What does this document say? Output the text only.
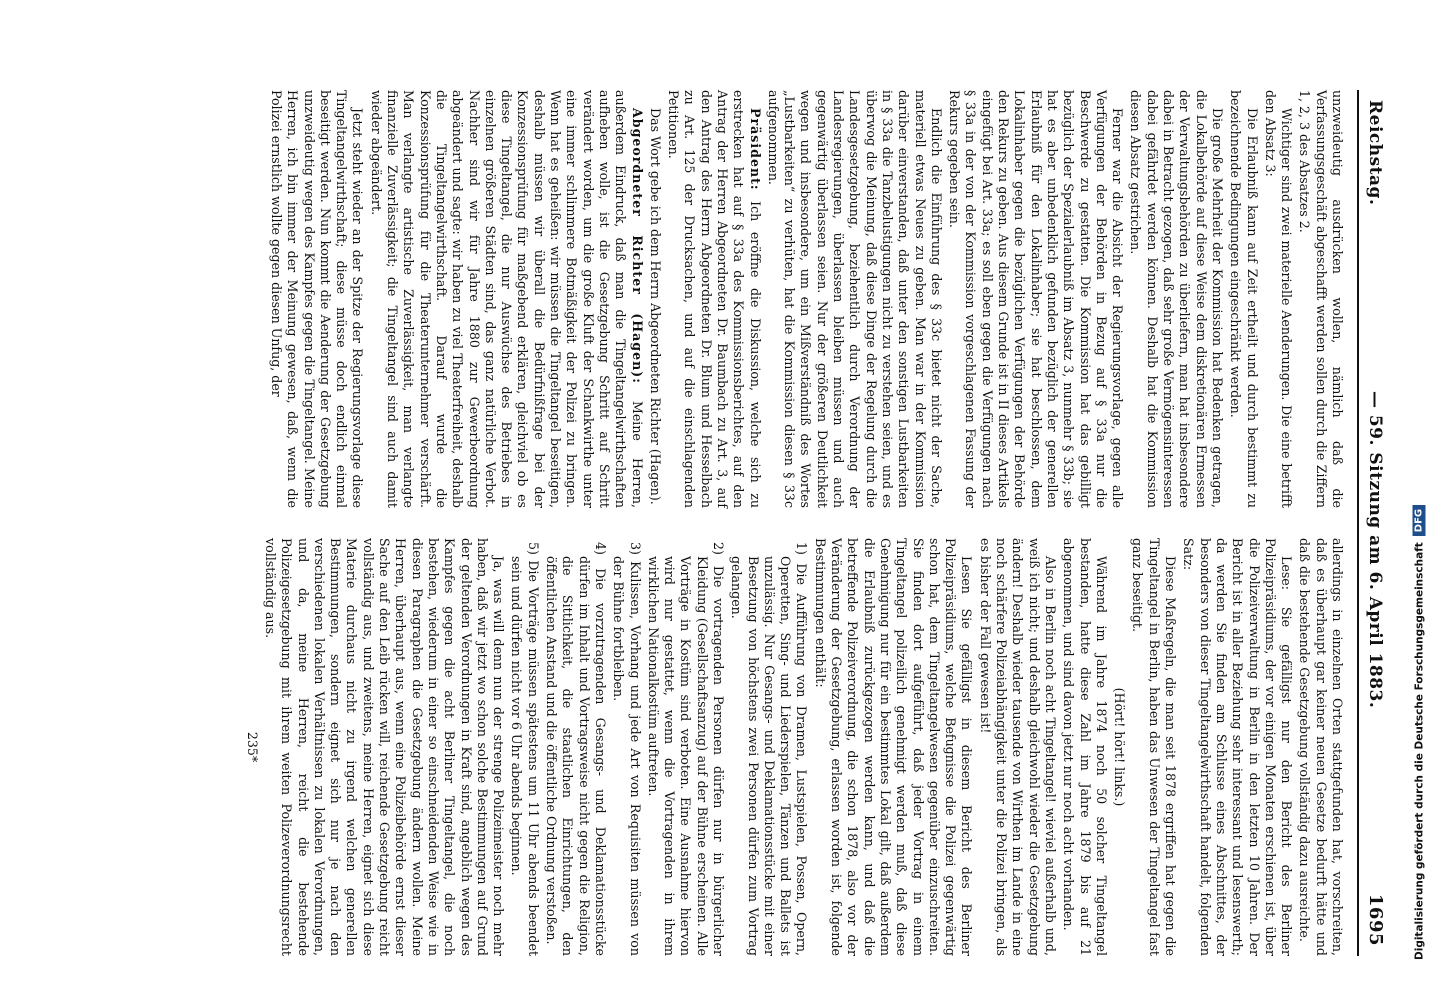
Reichstag.
— 59. Sitzung am 6. April 1883.
1695

unzweideutig ausdrücken wollen, nämlich daß die Verfassungsgeschäft abgeschafft werden sollen durch die Ziffern 1, 2, 3 des Absatzes 2.

Wichtiger sind zwei materielle Aenderungen. Die eine betrifft den Absatz 3:

Die Erlaubniß kann auf Zeit ertheilt und durch bestimmt zu bezeichnende Bedingungen eingeschränkt werden.

Die große Mehrheit der Kommission hat Bedenken getragen, die Lokalbehörde auf diese Weise dem diskretionären Ermessen der Verwaltungsbehörden zu überliefern, man hat insbesondere dabei in Betracht gezogen, daß sehr große Vermögensinteressen dabei gefährdet werden können. Deshalb hat die Kommission diesen Absatz gestrichen.

Ferner war die Absicht der Regierungsvorlage, gegen alle Verfügungen der Behörden in Bezug auf § 33a nur die Beschwerde zu gestatten. Die Kommission hat das gebilligt bezüglich der Spezialerlaubniß im Absatz 3, nunmehr § 33b; sie hat es aber unbedenklich gefunden bezüglich der generellen Erlaubniß für den Lokalinhaber; sie hat beschlossen, dem Lokalinhaber gegen die bezüglichen Verfügungen der Behörde den Rekurs zu geben. Aus diesem Grunde ist in II dieses Artikels eingefügt bei Art. 33a; es soll eben gegen die Verfügungen nach § 33a in der von der Kommission vorgeschlagenen Fassung der Rekurs gegeben sein.

Endlich die Einführung des § 33c bietet nicht der Sache, materiell etwas Neues zu geben. Man war in der Kommission darüber einverstanden, daß unter den sonstigen Lustbarkeiten in § 33a die Tanzbelustigungen nicht zu verstehen seien, und es überwog die Meinung, daß diese Dinge der Regelung durch die Landesgesetzgebung, beziehentlich durch Verordnung der Landesregierungen, überlassen bleiben müssen und auch gegenwärtig überlassen seien. Nur der größeren Deutlichkeit wegen und insbesondere, um ein Mißverständniß des Wortes „Lustbarkeiten“ zu verhüten, hat die Kommission diesen § 33c aufgenommen.

Präsident: Ich eröffne die Diskussion, welche sich zu erstrecken hat auf § 33a des Kommissionsberichtes, auf den Antrag der Herren Abgeordneten Dr. Baumbach zu Art. 3, auf den Antrag des Herrn Abgeordneten Dr. Blum und Hesselbach zu Art. 125 der Drucksachen, und auf die einschlagenden Petitionen.

Das Wort gebe ich dem Herrn Abgeordneten Richter (Hagen).

Abgeordneter Richter (Hagen): Meine Herren, außerdem Eindruck, daß man die Tingeltangelwirthschaften aufheben wolle, ist die Gesetzgebung Schritt auf Schritt verändert worden, um die große Kluft der Schankwirthe unter eine immer schlimmere Botmäßigkeit der Polizei zu bringen. Wenn hat es geheißen: wir müssen die Tingeltangel beseitigen, deshalb müssen wir überall die Bedürfnißfrage bei der Konzessionsprüfung für maßgebend erklären, gleichviel ob es diese Tingeltangel, die nur Auswüchse des Betriebes in einzelnen größeren Städten sind, das ganz natürliche Verbot. Nachher sind wir für Jahre 1880 zur Gewerbeordnung abgeändert und sagte: wir haben zu viel Theaterfreiheit, deshalb die Tingeltangelwirthschaft. Darauf wurde die Konzessionsprüfung für die Theaterunternehmer verschärft. Man verlangte artistische Zuverlässigkeit, man verlangte finanzielle Zuverlässigkeit; die Tingeltangel sind auch damit wieder abgeändert.

Jetzt steht wieder an der Spitze der Regierungsvorlage diese Tingeltangelwirthschaft; diese müsse doch endlich einmal beseitigt werden. Nun kommt die Aenderung der Gesetzgebung unzweideutig wegen des Kampfes gegen die Tingeltangel. Meine Herren, ich bin immer der Meinung gewesen, daß, wenn die Polizei ernstlich wollte gegen diesen Unfug, der

allerdings in einzelnen Orten stattgefunden hat, vorschreiten, daß es überhaupt gar keiner neuen Gesetze bedurft hätte und daß die bestehende Gesetzgebung vollständig dazu ausreichte.

Lese: Sie gefälligst nur den Bericht des Berliner Polizeipräsidiums, der vor einigen Monaten erschienen ist, über die Polizeiverwaltung in Berlin in den letzten 10 Jahren. Der Bericht ist in aller Beziehung sehr interessant und lesenswerth; da werden Sie finden am Schlusse eines Abschnittes, der besonders von dieser Tingeltangelwirthschaft handelt, folgenden Satz:

Diese Maßregeln, die man seit 1878 ergriffen hat gegen die Tingeltangel in Berlin, haben das Unwesen der Tingeltangel fast ganz beseitigt.

(Hört! hört! links.)

Während im Jahre 1874 noch 50 solcher Tingeltangel bestanden, hatte diese Zahl im Jahre 1879 bis auf 21 abgenommen, und sind davon jetzt nur noch acht vorhanden.

Also in Berlin noch acht Tingeltangel! wieviel außerhalb und, weiß ich nicht; und deshalb gleichwohl wieder die Gesetzgebung ändern! Deshalb wieder tausende von Wirthen im Lande in eine noch schärfere Polizeiabhängigkeit unter die Polizei bringen, als es bisher der Fall gewesen ist!

Lesen Sie gefälligst in diesem Bericht des Berliner Polizeipräsidiums, welche Befugnisse die Polizei gegenwärtig schon hat, dem Tingeltangelwesen gegenüber einzuschreiten. Sie finden dort aufgeführt, daß jeder Vortrag in einem Tingeltangel polizeilich genehmigt werden muß, daß diese Genehmigung nur für ein bestimmtes Lokal gilt, daß außerdem die Erlaubniß zurückgezogen werden kann, und daß die betreffende Polizeiverordnung, die schon 1878, also vor der Veränderung der Gesetzgebung, erlassen worden ist, folgende Bestimmungen enthält:

1) Die Aufführung von Dramen, Lustspielen, Possen, Opern, Operetten, Sing- und Liederspielen, Tänzen und Ballets ist unzulässig. Nur Gesangs- und Deklamationsstücke mit einer Besetzung von höchstens zwei Personen dürfen zum Vortrag gelangen.

2) Die vortragenden Personen dürfen nur in bürgerlicher Kleidung (Gesellschaftsanzug) auf der Bühne erscheinen. Alle Vorträge in Kostüm sind verboten. Eine Ausnahme hiervon wird nur gestattet, wenn die Vortragenden in ihrem wirklichen Nationalkostüm auftreten.

3) Kulissen, Vorhang und jede Art von Requisiten müssen von der Bühne fortbleiben.

4) Die vorzutragenden Gesangs- und Deklamationsstücke dürfen im Inhalt und Vortragsweise nicht gegen die Religion, die Sittlichkeit, die staatlichen Einrichtungen, den öffentlichen Anstand und die öffentliche Ordnung verstoßen.

5) Die Vorträge müssen spätestens um 11 Uhr abends beendet sein und dürfen nicht vor 6 Uhr abends beginnen.

Ja, was will denn nun der strenge Polizeimeister noch mehr haben, daß wir jetzt wo schon solche Bestimmungen auf Grund der geltenden Verordnungen in Kraft sind, angeblich wegen des Kampfes gegen die acht Berliner Tingeltangel, die noch bestehen, wiederum in einer so einschneidenden Weise wie in diesen Paragraphen die Gesetzgebung ändern wollen. Meine Herren, überhaupt aus, wenn eine Polizeibehörde ernst dieser Sache auf den Leib rücken will, reichende Gesetzgebung reicht vollständig aus, und zweitens, meine Herren, eignet sich diese Materie durchaus nicht zu irgend welchen generellen Bestimmungen, sondern eignet sich nur je nach den verschiedenen lokalen Verhältnissen zu lokalen Verordnungen, und da, meine Herren, reicht die bestehende Polizeigesetzgebung mit ihrem weiten Polizeverordnungsrecht vollständig aus.

235*	Digitalisierung gefördert durch die Deutsche Forschungsgemeinschaft
DFG
